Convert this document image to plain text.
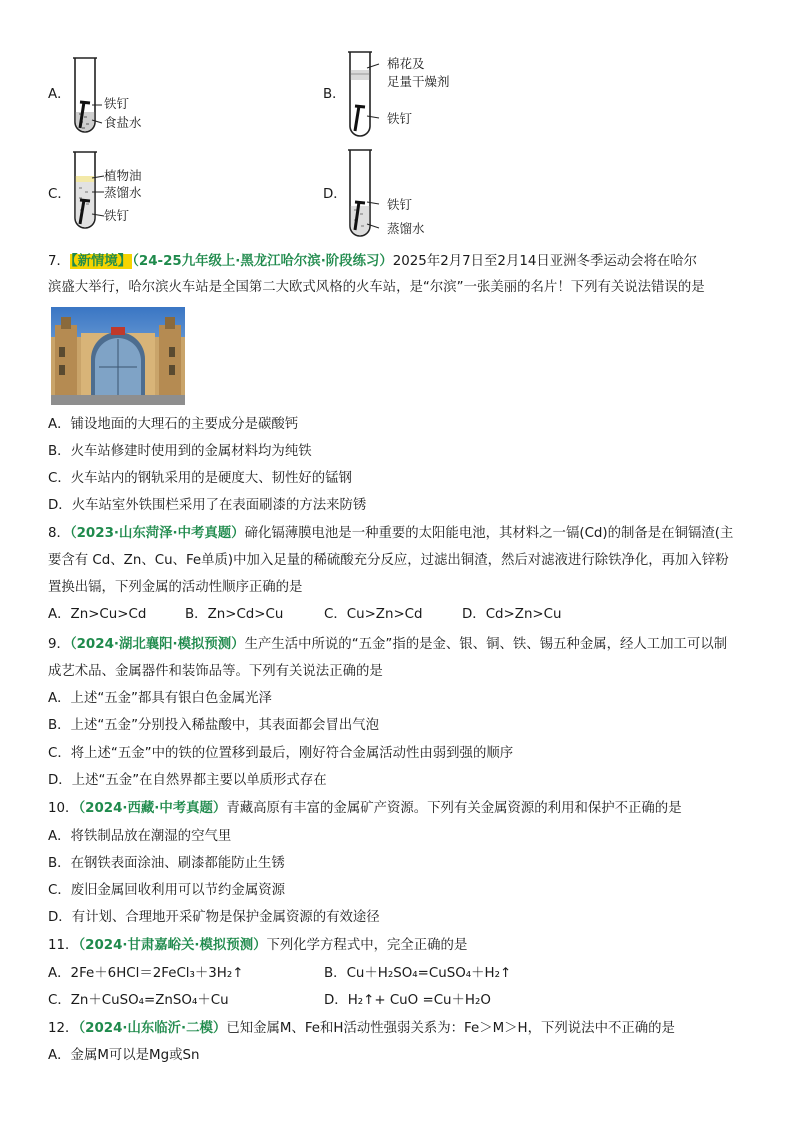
A．
铁钉
食盐水
B．
棉花及
足量干燥剂
铁钉
C．
植物油
蒸馏水
铁钉
D．
铁钉
蒸馏水
7．【新情境】（24-25九年级上·黑龙江哈尔滨·阶段练习）2025年2月7日至2月14日亚洲冬季运动会将在哈尔
滨盛大举行，哈尔滨火车站是全国第二大欧式风格的火车站，是“尔滨”一张美丽的名片！下列有关说法错误的是
A．铺设地面的大理石的主要成分是碳酸钙
B．火车站修建时使用到的金属材料均为纯铁
C．火车站内的钢轨采用的是硬度大、韧性好的锰钢
D．火车站室外铁围栏采用了在表面刷漆的方法来防锈
8．（2023·山东菏泽·中考真题）碲化镉薄膜电池是一种重要的太阳能电池，其材料之一镉(Cd)的制备是在铜镉渣(主
要含有 Cd、Zn、Cu、Fe单质)中加入足量的稀硫酸充分反应，过滤出铜渣，然后对滤液进行除铁净化，再加入锌粉
置换出镉，下列金属的活动性顺序正确的是
A．Zn>Cu>Cd	B．Zn>Cd>Cu	C．Cu>Zn>Cd	D．Cd>Zn>Cu
9．（2024·湖北襄阳·模拟预测）生产生活中所说的“五金”指的是金、银、铜、铁、锡五种金属，经人工加工可以制
成艺术品、金属器件和装饰品等。下列有关说法正确的是
A．上述“五金”都具有银白色金属光泽
B．上述“五金”分别投入稀盐酸中，其表面都会冒出气泡
C．将上述“五金”中的铁的位置移到最后，刚好符合金属活动性由弱到强的顺序
D．上述“五金”在自然界都主要以单质形式存在
10．（2024·西藏·中考真题）青藏高原有丰富的金属矿产资源。下列有关金属资源的利用和保护不正确的是
A．将铁制品放在潮湿的空气里
B．在钢铁表面涂油、刷漆都能防止生锈
C．废旧金属回收利用可以节约金属资源
D．有计划、合理地开采矿物是保护金属资源的有效途径
11．（2024·甘肃嘉峪关·模拟预测）下列化学方程式中，完全正确的是
A．2Fe＋6HCl＝2FeCl₃＋3H₂↑	B．Cu＋H₂SO₄=CuSO₄＋H₂↑
C．Zn＋CuSO₄=ZnSO₄＋Cu	D．H₂↑+ CuO =Cu＋H₂O
12．（2024·山东临沂·二模）已知金属M、Fe和H活动性强弱关系为：Fe＞M＞H，下列说法中不正确的是
A．金属M可以是Mg或Sn
